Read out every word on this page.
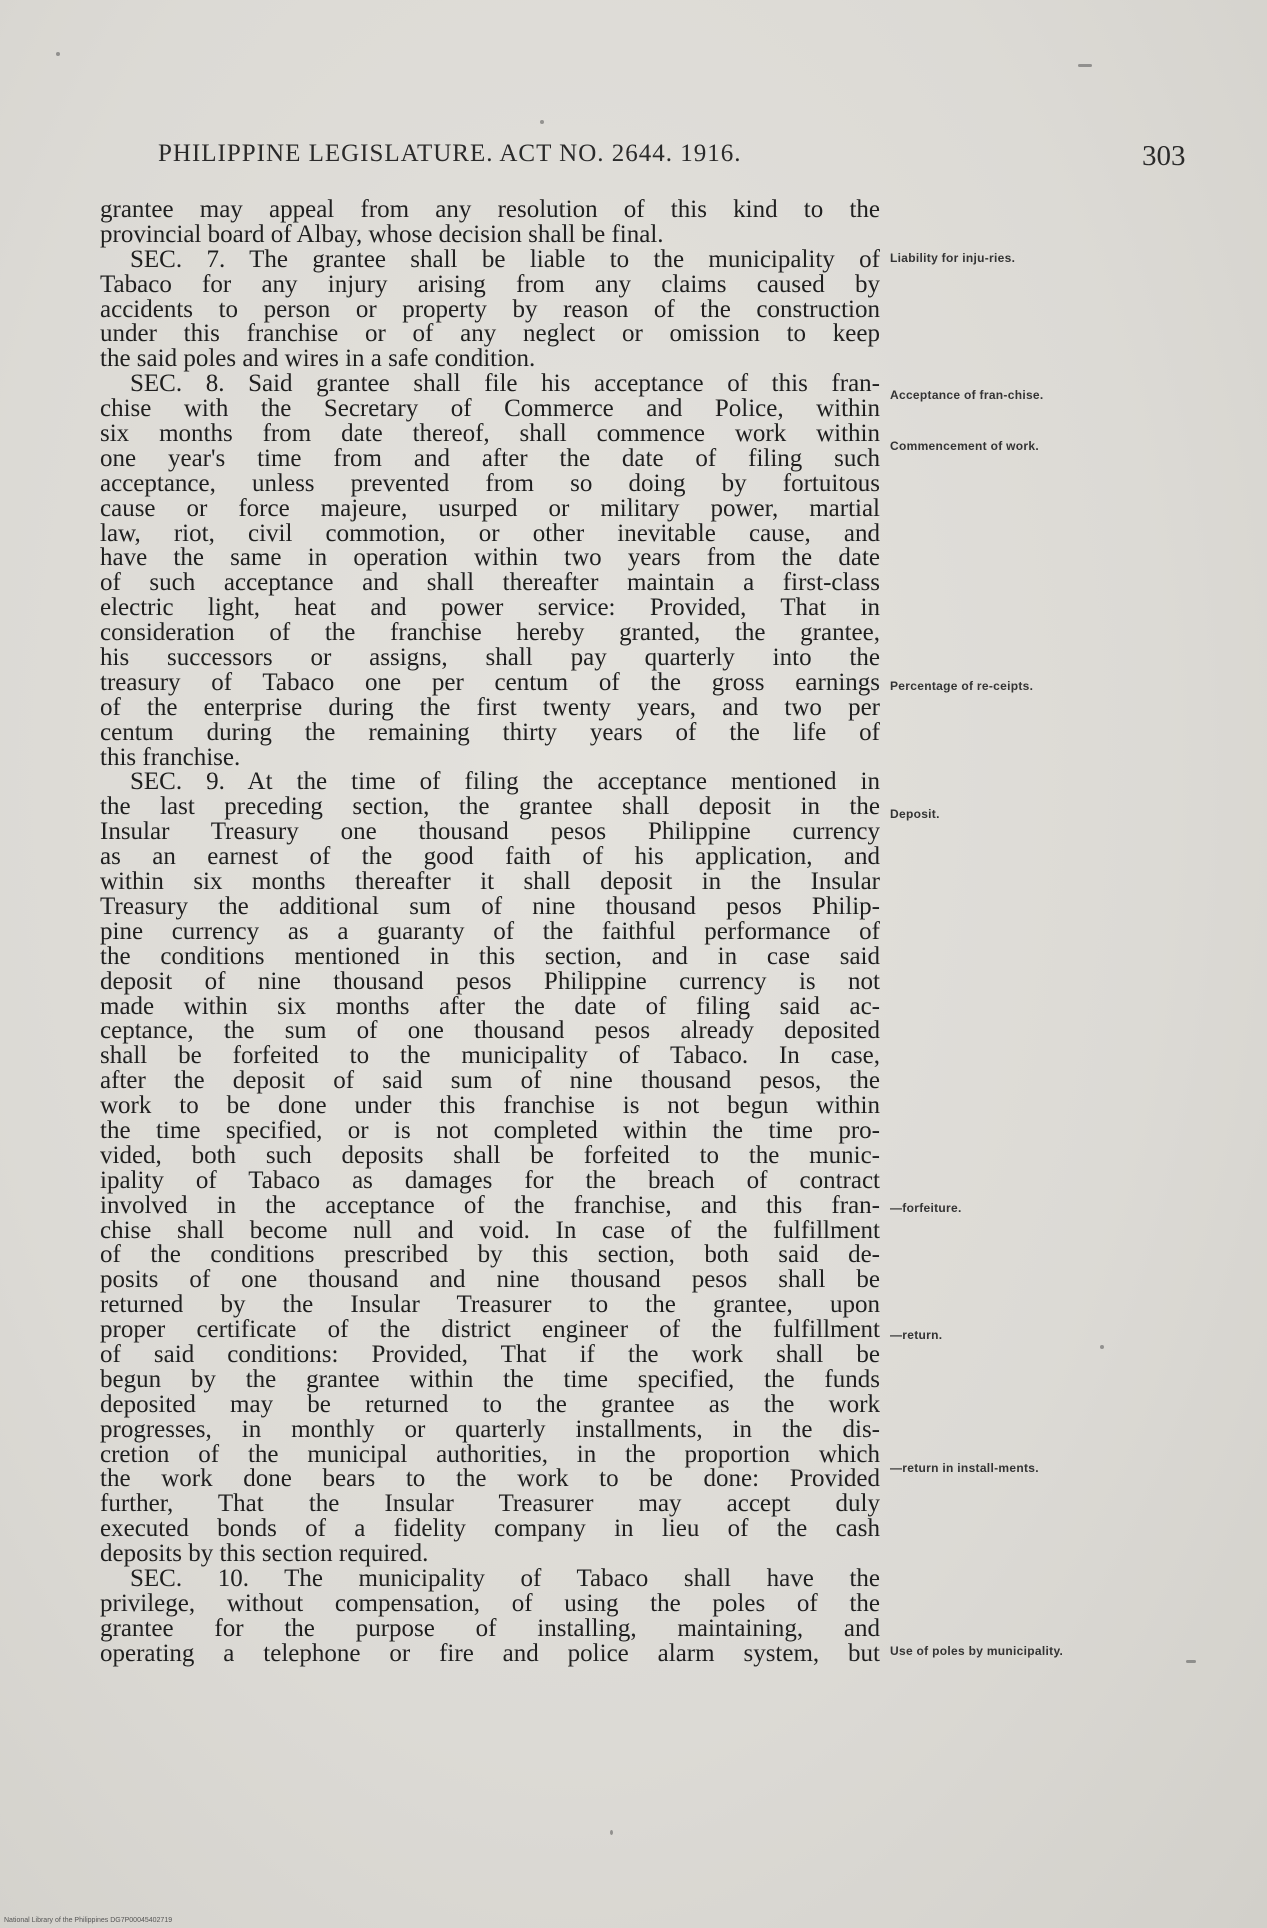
PHILIPPINE LEGISLATURE. ACT NO. 2644. 1916.	303
grantee may appeal from any resolution of this kind to the
provincial board of Albay, whose decision shall be final.
SEC. 7. The grantee shall be liable to the municipality of
Tabaco for any injury arising from any claims caused by
accidents to person or property by reason of the construction
under this franchise or of any neglect or omission to keep
the said poles and wires in a safe condition.
SEC. 8. Said grantee shall file his acceptance of this fran-
chise with the Secretary of Commerce and Police, within
six months from date thereof, shall commence work within
one year's time from and after the date of filing such
acceptance, unless prevented from so doing by fortuitous
cause or force majeure, usurped or military power, martial
law, riot, civil commotion, or other inevitable cause, and
have the same in operation within two years from the date
of such acceptance and shall thereafter maintain a first-class
electric light, heat and power service: Provided, That in
consideration of the franchise hereby granted, the grantee,
his successors or assigns, shall pay quarterly into the
treasury of Tabaco one per centum of the gross earnings
of the enterprise during the first twenty years, and two per
centum during the remaining thirty years of the life of
this franchise.
SEC. 9. At the time of filing the acceptance mentioned in
the last preceding section, the grantee shall deposit in the
Insular Treasury one thousand pesos Philippine currency
as an earnest of the good faith of his application, and
within six months thereafter it shall deposit in the Insular
Treasury the additional sum of nine thousand pesos Philip-
pine currency as a guaranty of the faithful performance of
the conditions mentioned in this section, and in case said
deposit of nine thousand pesos Philippine currency is not
made within six months after the date of filing said ac-
ceptance, the sum of one thousand pesos already deposited
shall be forfeited to the municipality of Tabaco. In case,
after the deposit of said sum of nine thousand pesos, the
work to be done under this franchise is not begun within
the time specified, or is not completed within the time pro-
vided, both such deposits shall be forfeited to the munic-
ipality of Tabaco as damages for the breach of contract
involved in the acceptance of the franchise, and this fran-
chise shall become null and void. In case of the fulfillment
of the conditions prescribed by this section, both said de-
posits of one thousand and nine thousand pesos shall be
returned by the Insular Treasurer to the grantee, upon
proper certificate of the district engineer of the fulfillment
of said conditions: Provided, That if the work shall be
begun by the grantee within the time specified, the funds
deposited may be returned to the grantee as the work
progresses, in monthly or quarterly installments, in the dis-
cretion of the municipal authorities, in the proportion which
the work done bears to the work to be done: Provided
further, That the Insular Treasurer may accept duly
executed bonds of a fidelity company in lieu of the cash
deposits by this section required.
SEC. 10. The municipality of Tabaco shall have the
privilege, without compensation, of using the poles of the
grantee for the purpose of installing, maintaining, and
operating a telephone or fire and police alarm system, but
Liability for inju-ries.
Acceptance of fran-chise.
Commencement of work.
Percentage of re-ceipts.
Deposit.
—forfeiture.
—return.
—return in install-ments.
Use of poles by municipality.
National Library of the Philippines DG7P00045402719
